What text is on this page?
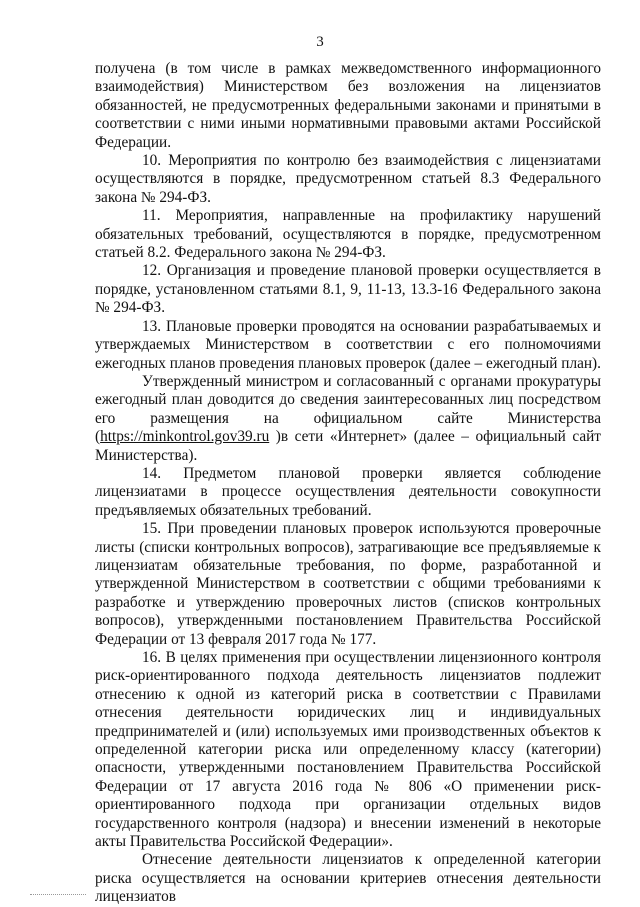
3

получена (в том числе в рамках межведомственного информационного взаимодействия) Министерством без возложения на лицензиатов обязанностей, не предусмотренных федеральными законами и принятыми в соответствии с ними иными нормативными правовыми актами Российской Федерации.

10. Мероприятия по контролю без взаимодействия с лицензиатами осуществляются в порядке, предусмотренном статьей 8.3 Федерального закона № 294-ФЗ.

11. Мероприятия, направленные на профилактику нарушений обязательных требований, осуществляются в порядке, предусмотренном статьей 8.2. Федерального закона № 294-ФЗ.

12. Организация и проведение плановой проверки осуществляется в порядке, установленном статьями 8.1, 9, 11-13, 13.3-16 Федерального закона № 294-ФЗ.

13. Плановые проверки проводятся на основании разрабатываемых и утверждаемых Министерством в соответствии с его полномочиями ежегодных планов проведения плановых проверок (далее – ежегодный план).

Утвержденный министром и согласованный с органами прокуратуры ежегодный план доводится до сведения заинтересованных лиц посредством его размещения на официальном сайте Министерства (https://minkontrol.gov39.ru )в сети «Интернет» (далее – официальный сайт Министерства).

14. Предметом плановой проверки является соблюдение лицензиатами в процессе осуществления деятельности совокупности предъявляемых обязательных требований.

15. При проведении плановых проверок используются проверочные листы (списки контрольных вопросов), затрагивающие все предъявляемые к лицензиатам обязательные требования, по форме, разработанной и утвержденной Министерством в соответствии с общими требованиями к разработке и утверждению проверочных листов (списков контрольных вопросов), утвержденными постановлением Правительства Российской Федерации от 13 февраля 2017 года № 177.

16. В целях применения при осуществлении лицензионного контроля риск-ориентированного подхода деятельность лицензиатов подлежит отнесению к одной из категорий риска в соответствии с Правилами отнесения деятельности юридических лиц и индивидуальных предпринимателей и (или) используемых ими производственных объектов к определенной категории риска или определенному классу (категории) опасности, утвержденными постановлением Правительства Российской Федерации от 17 августа 2016 года № 806 «О применении риск-ориентированного подхода при организации отдельных видов государственного контроля (надзора) и внесении изменений в некоторые акты Правительства Российской Федерации».

Отнесение деятельности лицензиатов к определенной категории риска осуществляется на основании критериев отнесения деятельности лицензиатов
